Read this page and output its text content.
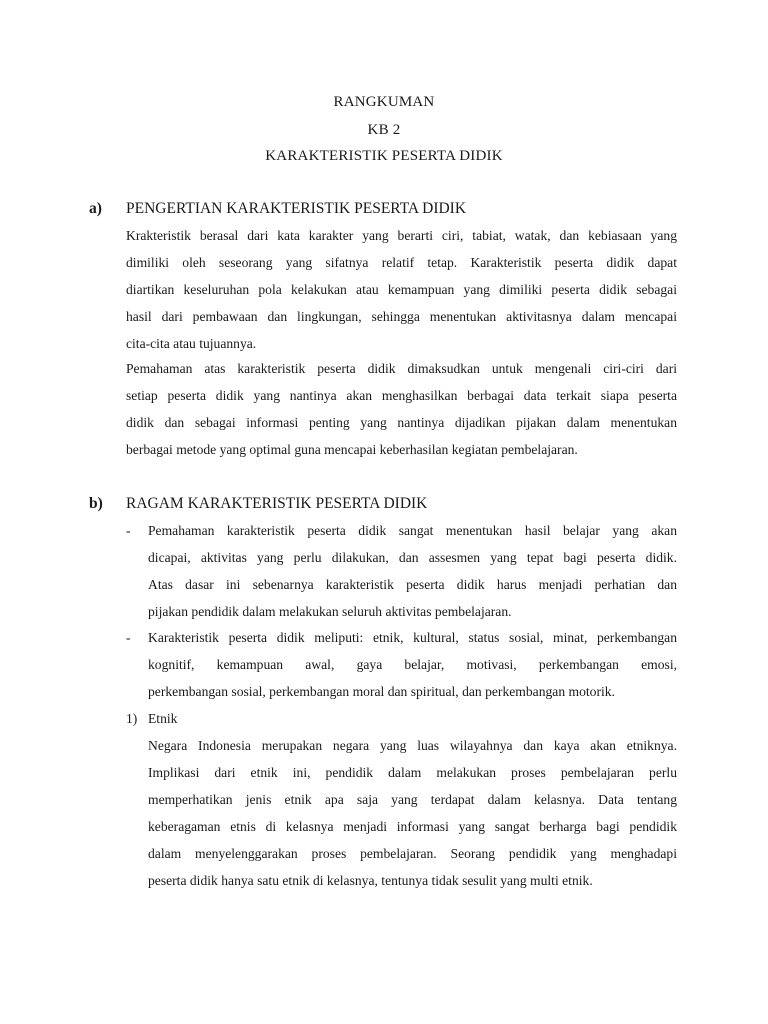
RANGKUMAN
KB 2
KARAKTERISTIK PESERTA DIDIK
a) PENGERTIAN KARAKTERISTIK PESERTA DIDIK
Krakteristik berasal dari kata karakter yang berarti ciri, tabiat, watak, dan kebiasaan yang
dimiliki oleh seseorang yang sifatnya relatif tetap. Karakteristik peserta didik dapat
diartikan keseluruhan pola kelakukan atau kemampuan yang dimiliki peserta didik sebagai
hasil dari pembawaan dan lingkungan, sehingga menentukan aktivitasnya dalam mencapai
cita-cita atau tujuannya.
Pemahaman atas karakteristik peserta didik dimaksudkan untuk mengenali ciri-ciri dari
setiap peserta didik yang nantinya akan menghasilkan berbagai data terkait siapa peserta
didik dan sebagai informasi penting yang nantinya dijadikan pijakan dalam menentukan
berbagai metode yang optimal guna mencapai keberhasilan kegiatan pembelajaran.
b) RAGAM KARAKTERISTIK PESERTA DIDIK
- Pemahaman karakteristik peserta didik sangat menentukan hasil belajar yang akan
dicapai, aktivitas yang perlu dilakukan, dan assesmen yang tepat bagi peserta didik.
Atas dasar ini sebenarnya karakteristik peserta didik harus menjadi perhatian dan
pijakan pendidik dalam melakukan seluruh aktivitas pembelajaran.
- Karakteristik peserta didik meliputi: etnik, kultural, status sosial, minat, perkembangan
kognitif, kemampuan awal, gaya belajar, motivasi, perkembangan emosi,
perkembangan sosial, perkembangan moral dan spiritual, dan perkembangan motorik.
1) Etnik
Negara Indonesia merupakan negara yang luas wilayahnya dan kaya akan etniknya.
Implikasi dari etnik ini, pendidik dalam melakukan proses pembelajaran perlu
memperhatikan jenis etnik apa saja yang terdapat dalam kelasnya. Data tentang
keberagaman etnis di kelasnya menjadi informasi yang sangat berharga bagi pendidik
dalam menyelenggarakan proses pembelajaran. Seorang pendidik yang menghadapi
peserta didik hanya satu etnik di kelasnya, tentunya tidak sesulit yang multi etnik.
